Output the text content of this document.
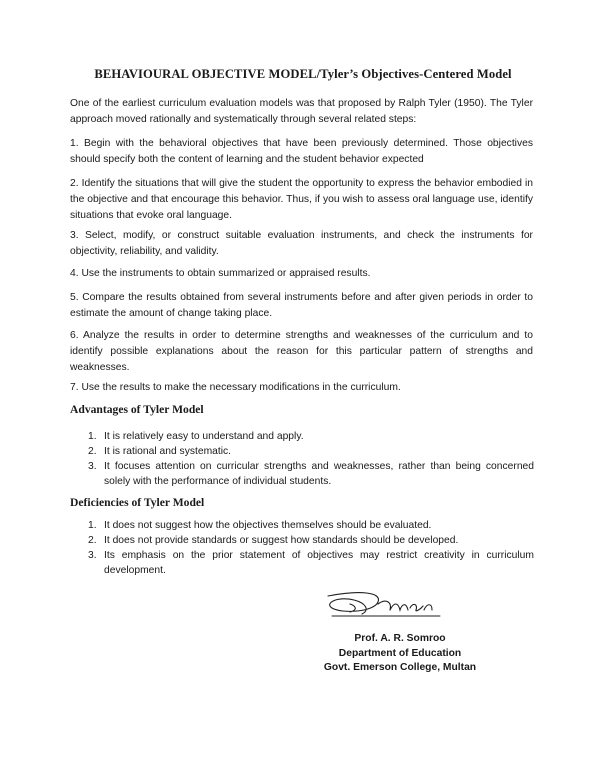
BEHAVIOURAL OBJECTIVE MODEL/Tyler’s Objectives-Centered Model

One of the earliest curriculum evaluation models was that proposed by Ralph Tyler (1950). The Tyler approach moved rationally and systematically through several related steps:

1. Begin with the behavioral objectives that have been previously determined. Those objectives should specify both the content of learning and the student behavior expected

2. Identify the situations that will give the student the opportunity to express the behavior embodied in the objective and that encourage this behavior. Thus, if you wish to assess oral language use, identify situations that evoke oral language.

3. Select, modify, or construct suitable evaluation instruments, and check the instruments for objectivity, reliability, and validity.

4. Use the instruments to obtain summarized or appraised results.

5. Compare the results obtained from several instruments before and after given periods in order to estimate the amount of change taking place.

6. Analyze the results in order to determine strengths and weaknesses of the curriculum and to identify possible explanations about the reason for this particular pattern of strengths and weaknesses.

7. Use the results to make the necessary modifications in the curriculum.

Advantages of Tyler Model
1. It is relatively easy to understand and apply.
2. It is rational and systematic.
3. It focuses attention on curricular strengths and weaknesses, rather than being concerned solely with the performance of individual students.
Deficiencies of Tyler Model
1. It does not suggest how the objectives themselves should be evaluated.
2. It does not provide standards or suggest how standards should be developed.
3. Its emphasis on the prior statement of objectives may restrict creativity in curriculum development.
Prof. A. R. Somroo
Department of Education
Govt. Emerson College, Multan
